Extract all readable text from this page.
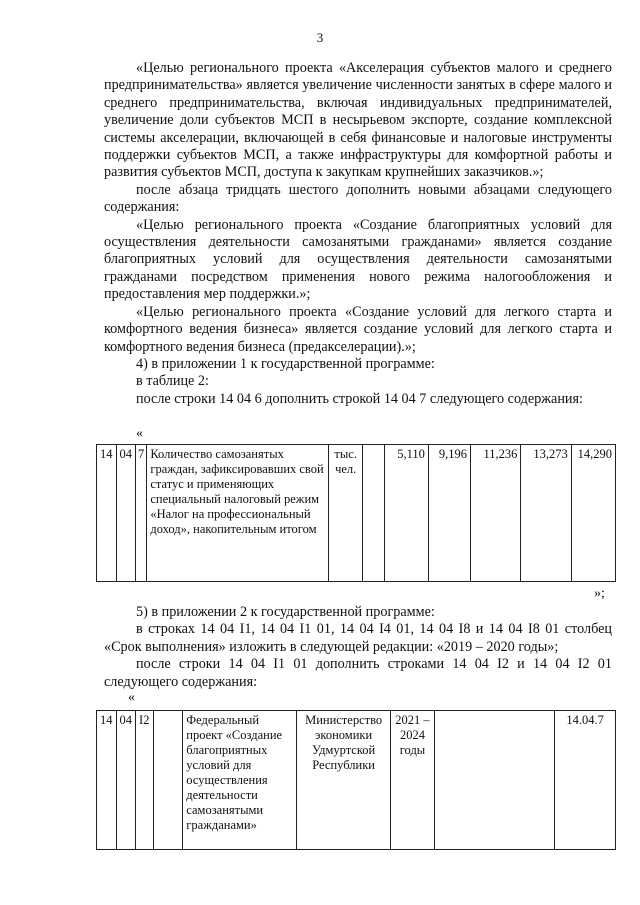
3

«Целью регионального проекта «Акселерация субъектов малого и среднего предпринимательства» является увеличение численности занятых в сфере малого и среднего предпринимательства, включая индивидуальных предпринимателей, увеличение доли субъектов МСП в несырьевом экспорте, создание комплексной системы акселерации, включающей в себя финансовые и налоговые инструменты поддержки субъектов МСП, а также инфраструктуры для комфортной работы и развития субъектов МСП, доступа к закупкам крупнейших заказчиков.»;

после абзаца тридцать шестого дополнить новыми абзацами следующего содержания:

«Целью регионального проекта «Создание благоприятных условий для осуществления деятельности самозанятыми гражданами» является создание благоприятных условий для осуществления деятельности самозанятыми гражданами посредством применения нового режима налогообложения и предоставления мер поддержки.»;

«Целью регионального проекта «Создание условий для легкого старта и комфортного ведения бизнеса» является создание условий для легкого старта и комфортного ведения бизнеса (предакселерации).»;

4) в приложении 1 к государственной программе:

в таблице 2:

после строки 14 04 6 дополнить строкой 14 04 7 следующего содержания:

«
14	04	7	Количество самозанятых граждан, зафиксировавших свой статус и применяющих специальный налоговый режим «Налог на профессиональный доход», накопительным итогом	тыс. чел.		5,110	9,196	11,236	13,273	14,290
»;

5) в приложении 2 к государственной программе:

в строках 14 04 I1, 14 04 I1 01, 14 04 I4 01, 14 04 I8 и 14 04 I8 01 столбец «Срок выполнения» изложить в следующей редакции: «2019 – 2020 годы»;

после строки 14 04 I1 01 дополнить строками 14 04 I2 и 14 04 I2 01 следующего содержания:

«
14	04	I2		Федеральный проект «Создание благоприятных условий для осуществления деятельности самозанятыми гражданами»	Министерство экономики Удмуртской Республики	2021 – 2024 годы		14.04.7
